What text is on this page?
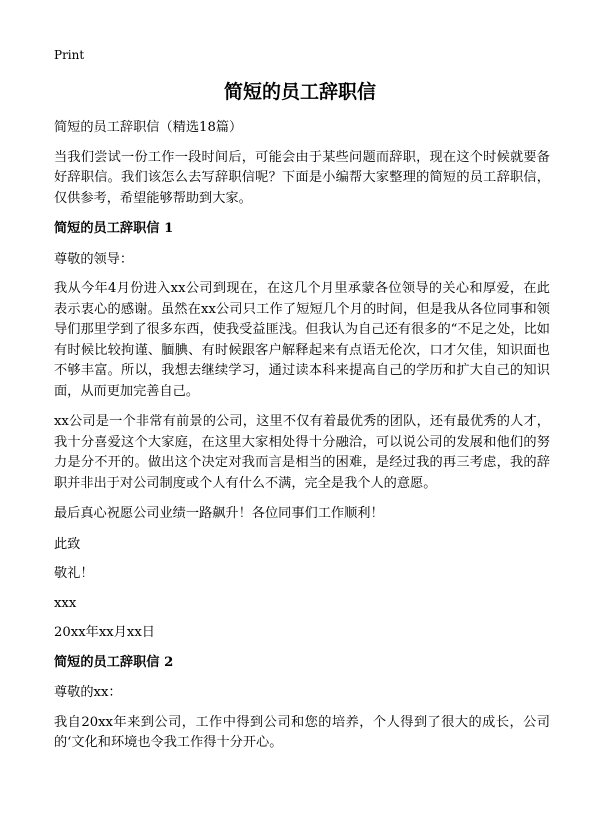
Print
简短的员工辞职信

简短的员工辞职信（精选18篇）

当我们尝试一份工作一段时间后，可能会由于某些问题而辞职，现在这个时候就要备好辞职信。我们该怎么去写辞职信呢？下面是小编帮大家整理的简短的员工辞职信，仅供参考，希望能够帮助到大家。

简短的员工辞职信 1

尊敬的领导：

我从今年4月份进入xx公司到现在，在这几个月里承蒙各位领导的关心和厚爱，在此表示衷心的感谢。虽然在xx公司只工作了短短几个月的时间，但是我从各位同事和领导们那里学到了很多东西，使我受益匪浅。但我认为自己还有很多的“不足之处，比如有时候比较拘谨、腼腆、有时候跟客户解释起来有点语无伦次，口才欠佳，知识面也不够丰富。所以，我想去继续学习，通过读本科来提高自己的学历和扩大自己的知识面，从而更加完善自己。

xx公司是一个非常有前景的公司，这里不仅有着最优秀的团队，还有最优秀的人才，我十分喜爱这个大家庭，在这里大家相处得十分融洽，可以说公司的发展和他们的努力是分不开的。做出这个决定对我而言是相当的困难，是经过我的再三考虑，我的辞职并非出于对公司制度或个人有什么不满，完全是我个人的意愿。

最后真心祝愿公司业绩一路飙升！各位同事们工作顺利！

此致

敬礼！

xxx

20xx年xx月xx日

简短的员工辞职信 2

尊敬的xx：

我自20xx年来到公司，工作中得到公司和您的培养，个人得到了很大的成长，公司的‘文化和环境也令我工作得十分开心。
